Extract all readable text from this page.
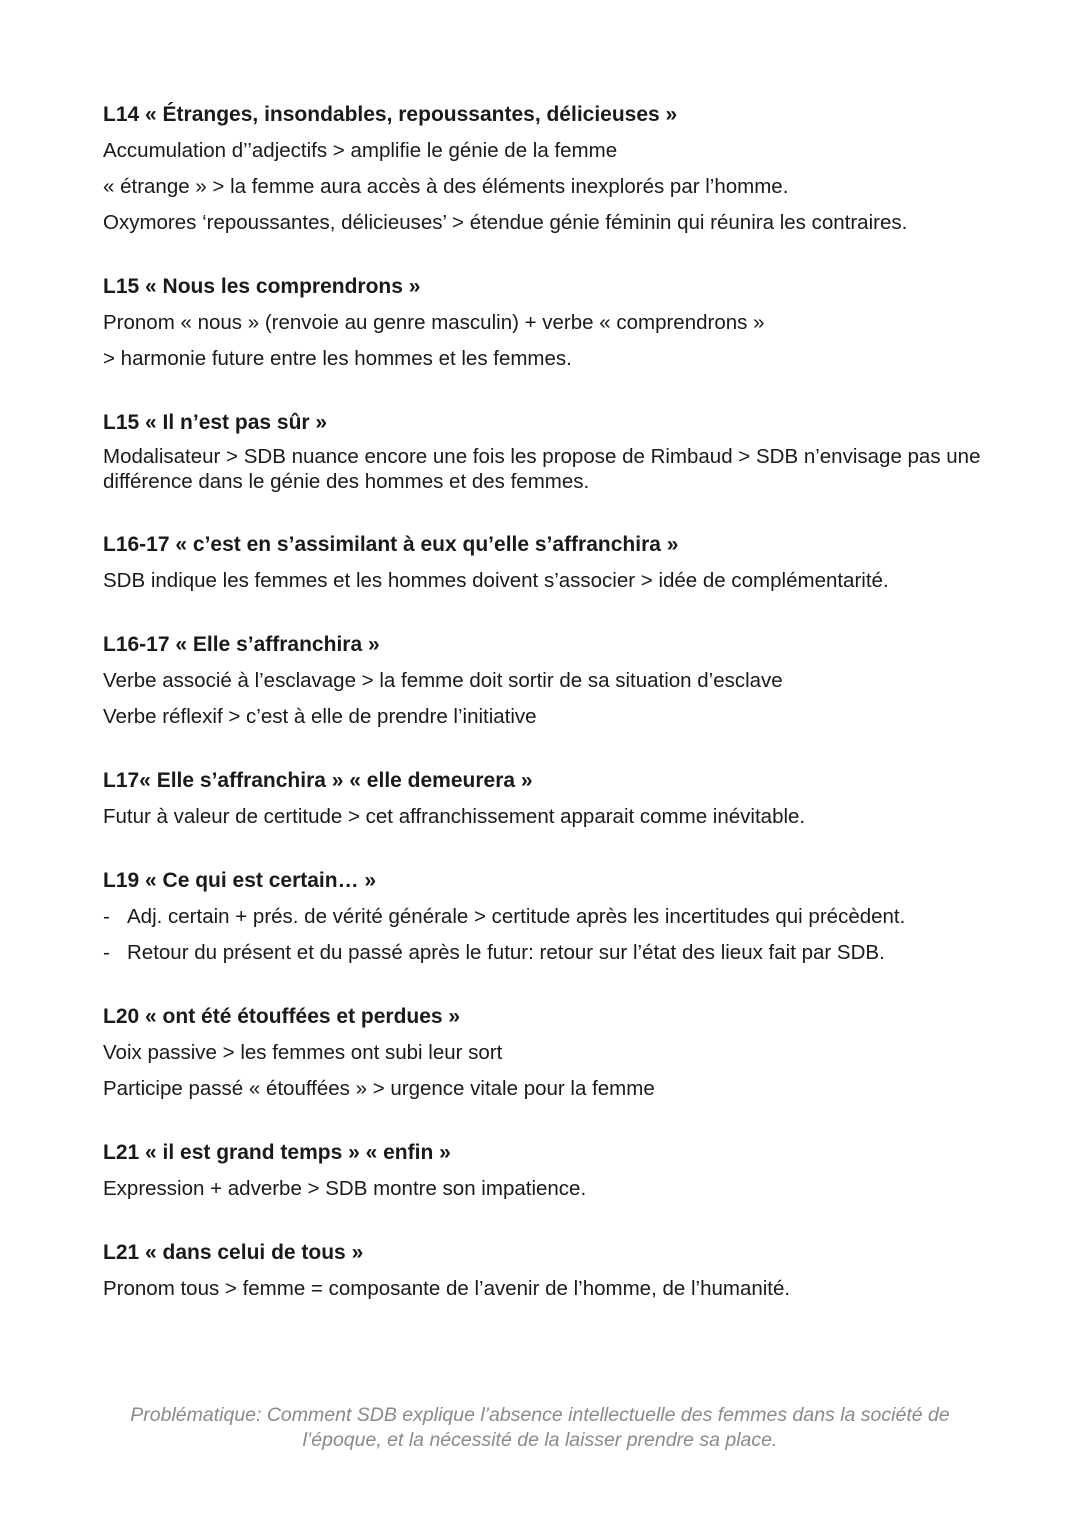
L14 « Étranges, insondables, repoussantes, délicieuses »
Accumulation d’’adjectifs > amplifie le génie de la femme
« étrange » > la femme aura accès à des éléments inexplorés par l’homme.
Oxymores ‘repoussantes, délicieuses’ > étendue génie féminin qui réunira les contraires.
L15 « Nous les comprendrons »
Pronom « nous » (renvoie au genre masculin) + verbe « comprendrons »
> harmonie future entre les hommes et les femmes.
L15 « Il n’est pas sûr »
Modalisateur > SDB nuance encore une fois les propose de Rimbaud > SDB n’envisage pas une différence dans le génie des hommes et des femmes.
L16-17 « c’est en s’assimilant à eux qu’elle s’affranchira »
SDB indique les femmes et les hommes doivent s’associer > idée de complémentarité.
L16-17 « Elle s’affranchira »
Verbe associé à l’esclavage > la femme doit sortir de sa situation d’esclave
Verbe réflexif > c’est à elle de prendre l’initiative
L17« Elle s’affranchira » « elle demeurera »
Futur à valeur de certitude > cet affranchissement apparait comme inévitable.
L19 « Ce qui est certain… »
- Adj. certain + prés. de vérité générale > certitude après les incertitudes qui précèdent.
- Retour du présent et du passé après le futur: retour sur l’état des lieux fait par SDB.
L20 « ont été étouffées et perdues »
Voix passive > les femmes ont subi leur sort
Participe passé « étouffées » > urgence vitale pour la femme
L21 « il est grand temps » « enfin »
Expression + adverbe > SDB montre son impatience.
L21 « dans celui de tous »
Pronom tous > femme = composante de l’avenir de l’homme, de l’humanité.
Problématique: Comment SDB explique l’absence intellectuelle des femmes dans la société de
l’époque, et la nécessité de la laisser prendre sa place.
